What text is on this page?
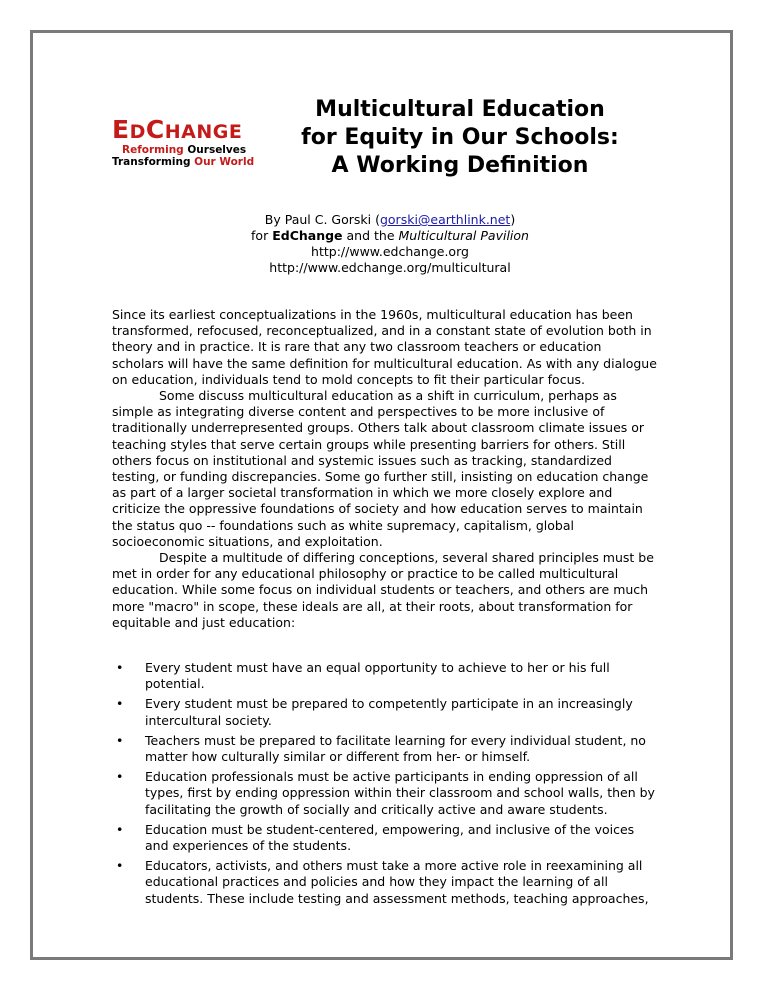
EDCHANGE
Reforming Ourselves
Transforming Our World
Multicultural Education
for Equity in Our Schools:
A Working Definition
By Paul C. Gorski (gorski@earthlink.net)
for EdChange and the Multicultural Pavilion
http://www.edchange.org
http://www.edchange.org/multicultural

Since its earliest conceptualizations in the 1960s, multicultural education has been transformed, refocused, reconceptualized, and in a constant state of evolution both in theory and in practice. It is rare that any two classroom teachers or education scholars will have the same definition for multicultural education. As with any dialogue on education, individuals tend to mold concepts to fit their particular focus.

Some discuss multicultural education as a shift in curriculum, perhaps as simple as integrating diverse content and perspectives to be more inclusive of traditionally underrepresented groups. Others talk about classroom climate issues or teaching styles that serve certain groups while presenting barriers for others. Still others focus on institutional and systemic issues such as tracking, standardized testing, or funding discrepancies. Some go further still, insisting on education change as part of a larger societal transformation in which we more closely explore and criticize the oppressive foundations of society and how education serves to maintain the status quo -- foundations such as white supremacy, capitalism, global socioeconomic situations, and exploitation.

Despite a multitude of differing conceptions, several shared principles must be met in order for any educational philosophy or practice to be called multicultural education. While some focus on individual students or teachers, and others are much more "macro" in scope, these ideals are all, at their roots, about transformation for equitable and just education:

• Every student must have an equal opportunity to achieve to her or his full potential.
• Every student must be prepared to competently participate in an increasingly intercultural society.
• Teachers must be prepared to facilitate learning for every individual student, no matter how culturally similar or different from her- or himself.
• Education professionals must be active participants in ending oppression of all types, first by ending oppression within their classroom and school walls, then by facilitating the growth of socially and critically active and aware students.
• Education must be student-centered, empowering, and inclusive of the voices and experiences of the students.
• Educators, activists, and others must take a more active role in reexamining all educational practices and policies and how they impact the learning of all students. These include testing and assessment methods, teaching approaches,
